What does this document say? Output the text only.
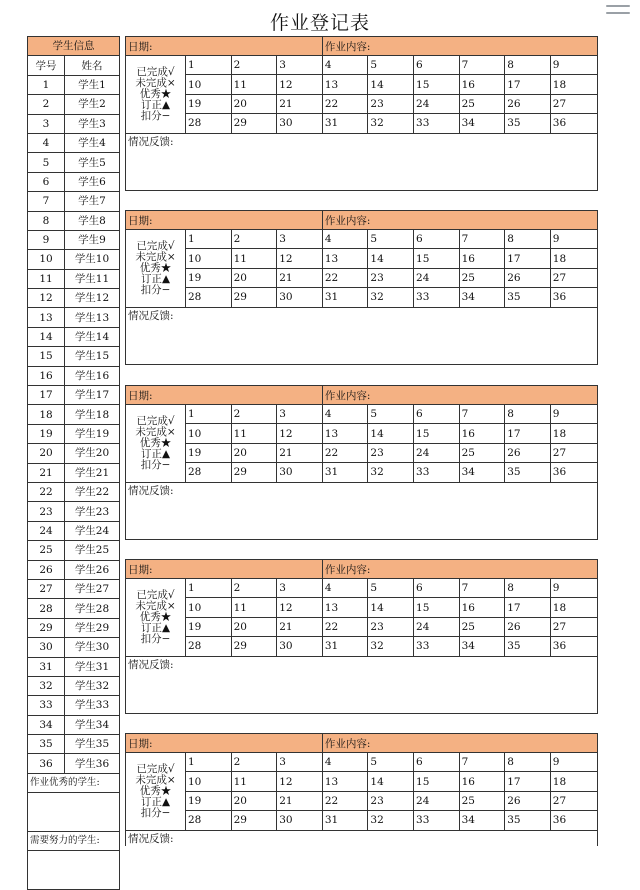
作业登记表
学生信息	
学号	姓名
1	学生1
2	学生2
3	学生3
4	学生4
5	学生5
6	学生6
7	学生7
8	学生8
9	学生9
10	学生10
11	学生11
12	学生12
13	学生13
14	学生14
15	学生15
16	学生16
17	学生17
18	学生18
19	学生19
20	学生20
21	学生21
22	学生22
23	学生23
24	学生24
25	学生25
26	学生26
27	学生27
28	学生28
29	学生29
30	学生30
31	学生31
32	学生32
33	学生33
34	学生34
35	学生35
36	学生36
作业优秀的学生:	

需要努力的学生:	

日期:				作业内容:					

已完成√
未完成×
优秀★
订正▲
扣分−	1	2	3	4	5	6	7	8	9
	10	11	12	13	14	15	16	17	18
	19	20	21	22	23	24	25	26	27
	28	29	30	31	32	33	34	35	36
情况反馈:									
日期:				作业内容:					

已完成√
未完成×
优秀★
订正▲
扣分−	1	2	3	4	5	6	7	8	9
	10	11	12	13	14	15	16	17	18
	19	20	21	22	23	24	25	26	27
	28	29	30	31	32	33	34	35	36
情况反馈:									
日期:				作业内容:					

已完成√
未完成×
优秀★
订正▲
扣分−	1	2	3	4	5	6	7	8	9
	10	11	12	13	14	15	16	17	18
	19	20	21	22	23	24	25	26	27
	28	29	30	31	32	33	34	35	36
情况反馈:									
日期:				作业内容:					

已完成√
未完成×
优秀★
订正▲
扣分−	1	2	3	4	5	6	7	8	9
	10	11	12	13	14	15	16	17	18
	19	20	21	22	23	24	25	26	27
	28	29	30	31	32	33	34	35	36
情况反馈:									
日期:				作业内容:					

已完成√
未完成×
优秀★
订正▲
扣分−	1	2	3	4	5	6	7	8	9
	10	11	12	13	14	15	16	17	18
	19	20	21	22	23	24	25	26	27
	28	29	30	31	32	33	34	35	36
情况反馈:									
